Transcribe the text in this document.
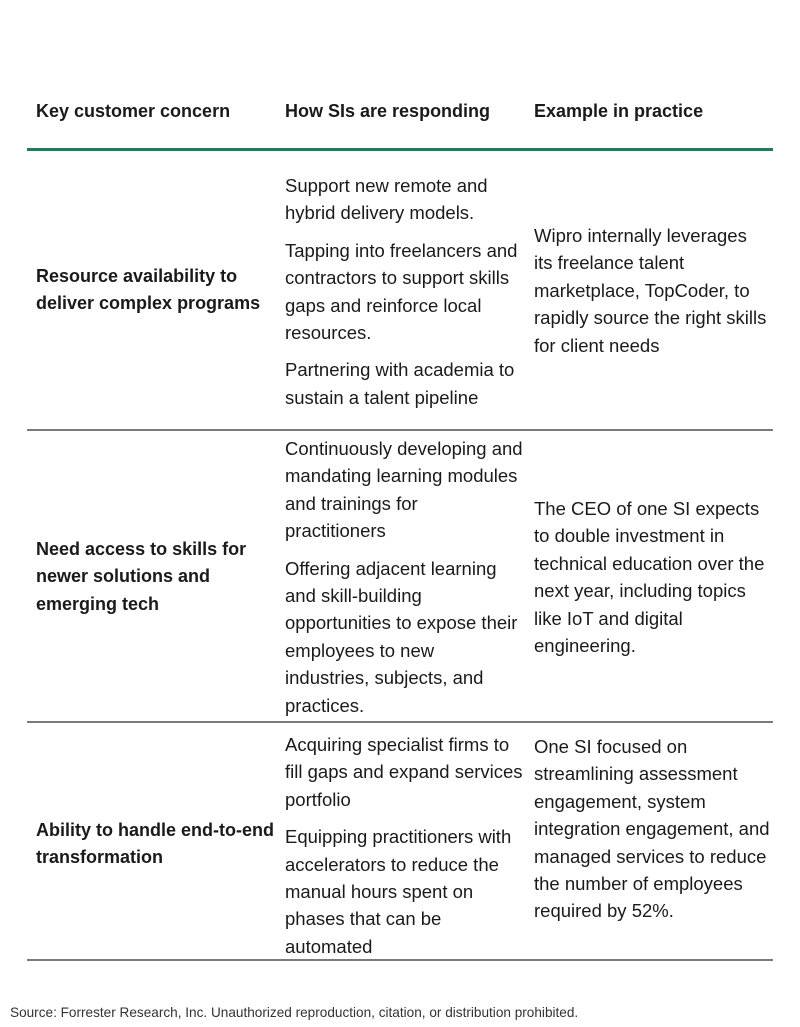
Key customer concern	How SIs are responding	Example in practice
Resource availability to deliver complex programs

Support new remote and hybrid delivery models.

Tapping into freelancers and contractors to support skills gaps and reinforce local resources.

Partnering with academia to sustain a talent pipeline

Wipro internally leverages its freelance talent marketplace, TopCoder, to rapidly source the right skills for client needs
Need access to skills for newer solutions and emerging tech

Continuously developing and mandating learning modules and trainings for practitioners

Offering adjacent learning and skill-building opportunities to expose their employees to new industries, subjects, and practices.

The CEO of one SI expects to double investment in technical education over the next year, including topics like IoT and digital engineering.
Ability to handle end-to-end transformation

Acquiring specialist firms to fill gaps and expand services portfolio

Equipping practitioners with accelerators to reduce the manual hours spent on phases that can be automated

One SI focused on streamlining assessment engagement, system integration engagement, and managed services to reduce the number of employees required by 52%.
Source: Forrester Research, Inc. Unauthorized reproduction, citation, or distribution prohibited.
